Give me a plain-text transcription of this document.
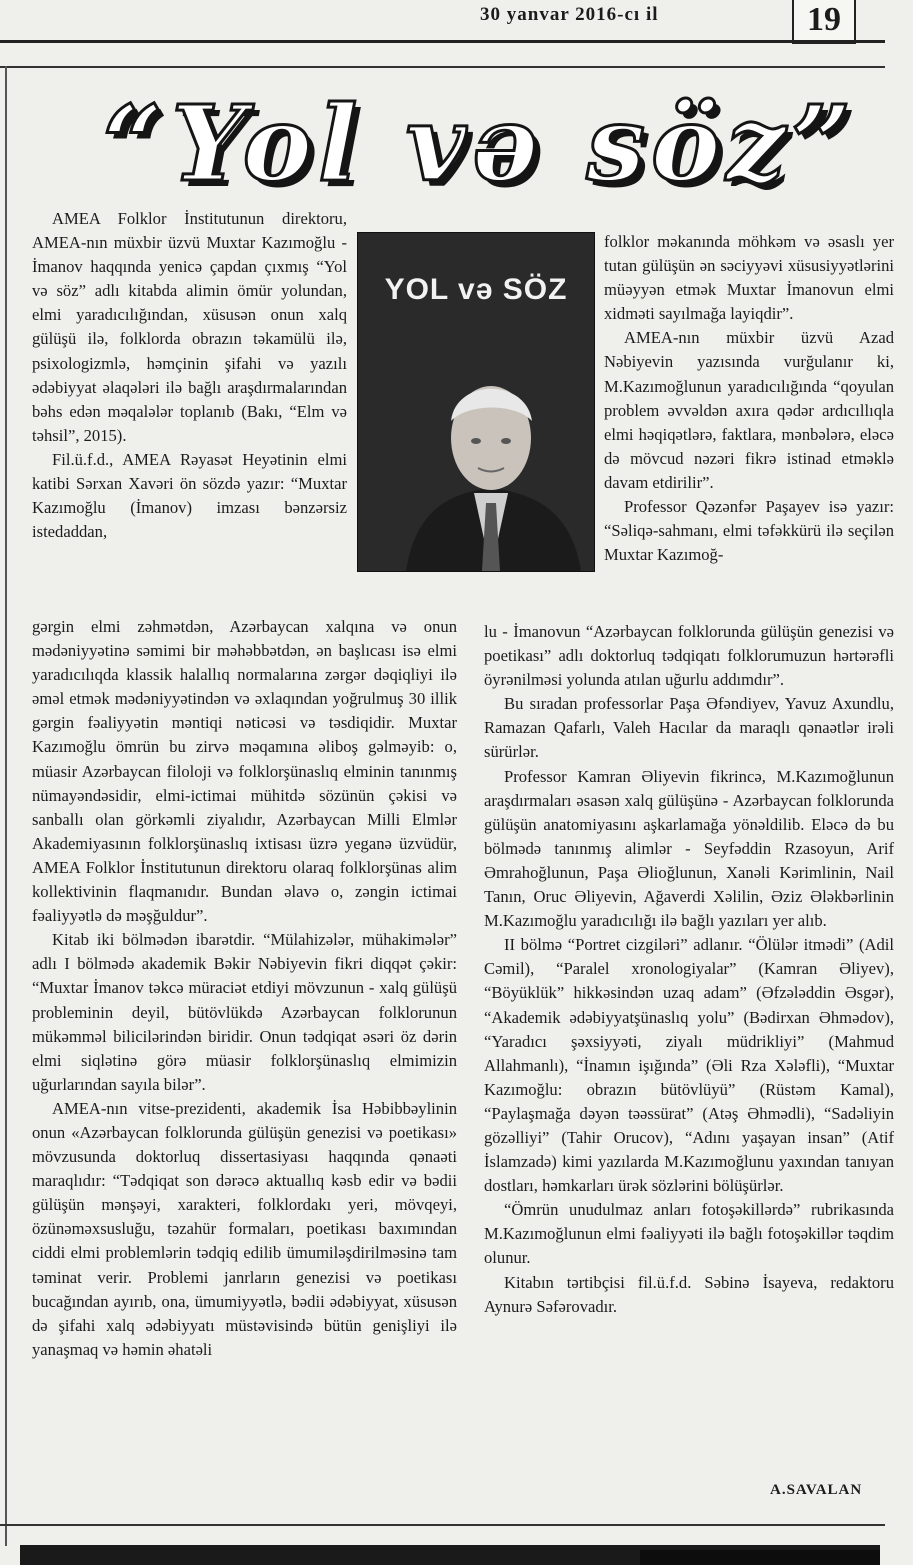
30 yanvar 2016-cı il	19
“Yol və söz”

AMEA Folklor İnstitutunun direktoru, AMEA-nın müxbir üzvü Muxtar Kazımoğlu - İmanov haqqında yenicə çapdan çıxmış “Yol və söz” adlı kitabda alimin ömür yolundan, elmi yaradıcılığından, xüsusən onun xalq gülüşü ilə, folklorda obrazın təkamülü ilə, psixologizmlə, həmçinin şifahi və yazılı ədəbiyyat əlaqələri ilə bağlı araşdırmalarından bəhs edən məqalələr toplanıb (Bakı, “Elm və təhsil”, 2015).

Fil.ü.f.d., AMEA Rəyasət Heyətinin elmi katibi Sərxan Xavəri ön sözdə yazır: “Muxtar Kazımoğlu (İmanov) imzası bənzərsiz istedaddan,

YOL və SÖZ

gərgin elmi zəhmətdən, Azərbaycan xalqına və onun mədəniyyətinə səmimi bir məhəbbətdən, ən başlıcası isə elmi yaradıcılıqda klassik halallıq normalarına zərgər dəqiqliyi ilə əməl etmək mədəniyyətindən və əxlaqından yoğrulmuş 30 illik gərgin fəaliyyətin məntiqi nəticəsi və təsdiqidir. Muxtar Kazımoğlu ömrün bu zirvə məqamına əliboş gəlməyib: o, müasir Azərbaycan filoloji və folklorşünaslıq elminin tanınmış nümayəndəsidir, elmi-ictimai mühitdə sözünün çəkisi və sanballı olan görkəmli ziyalıdır, Azərbaycan Milli Elmlər Akademiyasının folklorşünaslıq ixtisası üzrə yeganə üzvüdür, AMEA Folklor İnstitutunun direktoru olaraq folklorşünas alim kollektivinin flaqmanıdır. Bundan əlavə o, zəngin ictimai fəaliyyətlə də məşğuldur”.

Kitab iki bölmədən ibarətdir. “Mülahizələr, mühakimələr” adlı I bölmədə akademik Bəkir Nəbiyevin fikri diqqət çəkir: “Muxtar İmanov təkcə müraciət etdiyi mövzunun - xalq gülüşü probleminin deyil, bütövlükdə Azərbaycan folklorunun mükəmməl bilicilərindən biridir. Onun tədqiqat əsəri öz dərin elmi siqlətinə görə müasir folklorşünaslıq elmimizin uğurlarından sayıla bilər”.

AMEA-nın vitse-prezidenti, akademik İsa Həbibbəylinin onun «Azərbaycan folklorunda gülüşün genezisi və poetikası» mövzusunda doktorluq dissertasiyası haqqında qənaəti maraqlıdır: “Tədqiqat son dərəcə aktuallıq kəsb edir və bədii gülüşün mənşəyi, xarakteri, folklordakı yeri, mövqeyi, özünəməxsusluğu, təzahür formaları, poetikası baxımından ciddi elmi problemlərin tədqiq edilib ümumiləşdirilməsinə tam təminat verir. Problemi janrların genezisi və poetikası bucağından ayırıb, ona, ümumiyyətlə, bədii ədəbiyyat, xüsusən də şifahi xalq ədəbiyyatı müstəvisində bütün genişliyi ilə yanaşmaq və həmin əhatəli

folklor məkanında möhkəm və əsaslı yer tutan gülüşün ən səciyyəvi xüsusiyyətlərini müəyyən etmək Muxtar İmanovun elmi xidməti sayılmağa layiqdir”.

AMEA-nın müxbir üzvü Azad Nəbiyevin yazısında vurğulanır ki, M.Kazımoğlunun yaradıcılığında “qoyulan problem əvvəldən axıra qədər ardıcıllıqla elmi həqiqətlərə, faktlara, mənbələrə, eləcə də mövcud nəzəri fikrə istinad etməklə davam etdirilir”.

Professor Qəzənfər Paşayev isə yazır: “Səliqə-sahmanı, elmi təfəkkürü ilə seçilən Muxtar Kazımoğ-

lu - İmanovun “Azərbaycan folklorunda gülüşün genezisi və poetikası” adlı doktorluq tədqiqatı folklorumuzun hərtərəfli öyrənilməsi yolunda atılan uğurlu addımdır”.

Bu sıradan professorlar Paşa Əfəndiyev, Yavuz Axundlu, Ramazan Qafarlı, Valeh Hacılar da maraqlı qənaətlər irəli sürürlər.

Professor Kamran Əliyevin fikrincə, M.Kazımoğlunun araşdırmaları əsasən xalq gülüşünə - Azərbaycan folklorunda gülüşün anatomiyasını aşkarlamağa yönəldilib. Eləcə də bu bölmədə tanınmış alimlər - Seyfəddin Rzasoyun, Arif Əmrahoğlunun, Paşa Əlioğlunun, Xanəli Kərimlinin, Nail Tanın, Oruc Əliyevin, Ağaverdi Xəlilin, Əziz Ələkbərlinin M.Kazımoğlu yaradıcılığı ilə bağlı yazıları yer alıb.

II bölmə “Portret cizgiləri” adlanır. “Ölülər itmədi” (Adil Cəmil), “Paralel xronologiyalar” (Kamran Əliyev), “Böyüklük” hikkəsindən uzaq adam” (Əfzələddin Əsgər), “Akademik ədəbiyyatşünaslıq yolu” (Bədirxan Əhmədov), “Yaradıcı şəxsiyyəti, ziyalı müdrikliyi” (Mahmud Allahmanlı), “İnamın işığında” (Əli Rza Xələfli), “Muxtar Kazımoğlu: obrazın bütövlüyü” (Rüstəm Kamal), “Paylaşmağa dəyən təəssürat” (Atəş Əhmədli), “Sadəliyin gözəlliyi” (Tahir Orucov), “Adını yaşayan insan” (Atif İslamzadə) kimi yazılarda M.Kazımoğlunu yaxından tanıyan dostları, həmkarları ürək sözlərini bölüşürlər.

“Ömrün unudulmaz anları fotoşəkillərdə” rubrikasında M.Kazımoğlunun elmi fəaliyyəti ilə bağlı fotoşəkillər təqdim olunur.

Kitabın tərtibçisi fil.ü.f.d. Səbinə İsayeva, redaktoru Aynurə Səfərovadır.

A.SAVALAN
